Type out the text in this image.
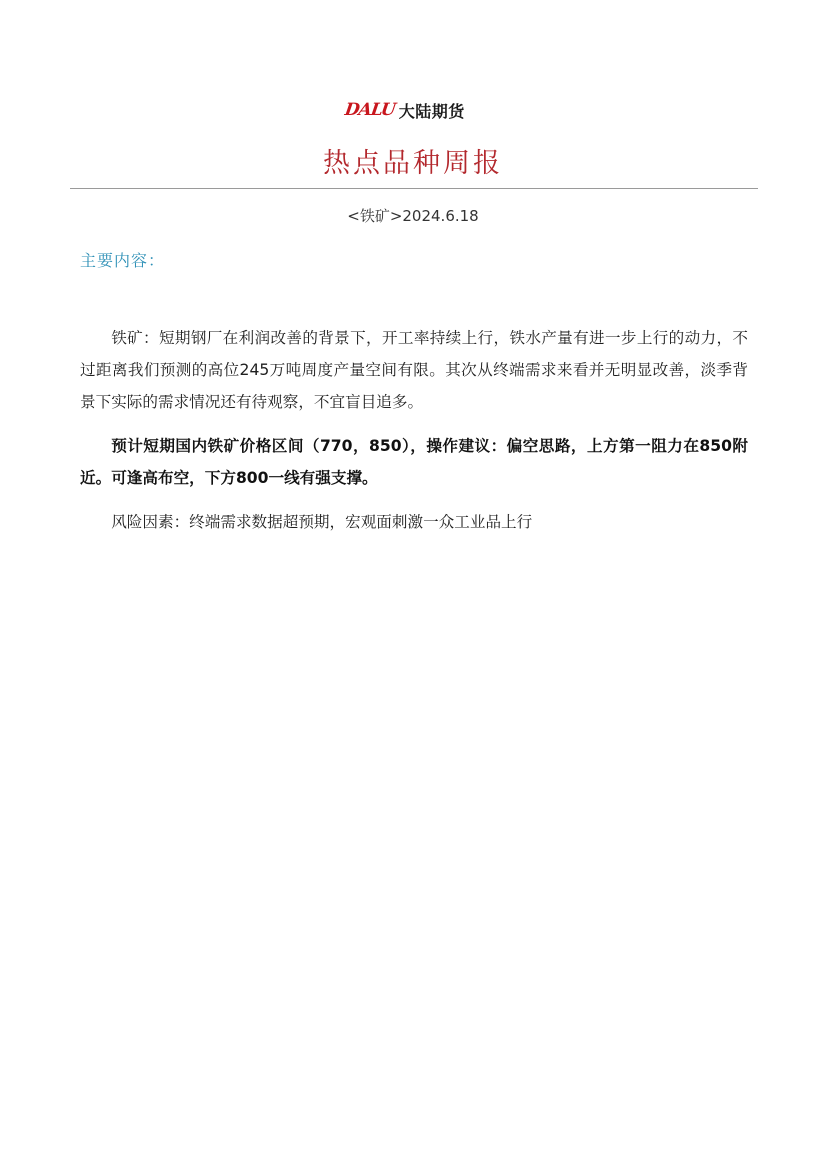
DALU 大陆期货
热点品种周报
<铁矿>2024.6.18
主要内容：

铁矿：短期钢厂在利润改善的背景下，开工率持续上行，铁水产量有进一步上行的动力，不过距离我们预测的高位245万吨周度产量空间有限。其次从终端需求来看并无明显改善，淡季背景下实际的需求情况还有待观察，不宜盲目追多。

预计短期国内铁矿价格区间（770，850），操作建议：偏空思路，上方第一阻力在850附近。可逢高布空，下方800一线有强支撑。

风险因素：终端需求数据超预期，宏观面刺激一众工业品上行
